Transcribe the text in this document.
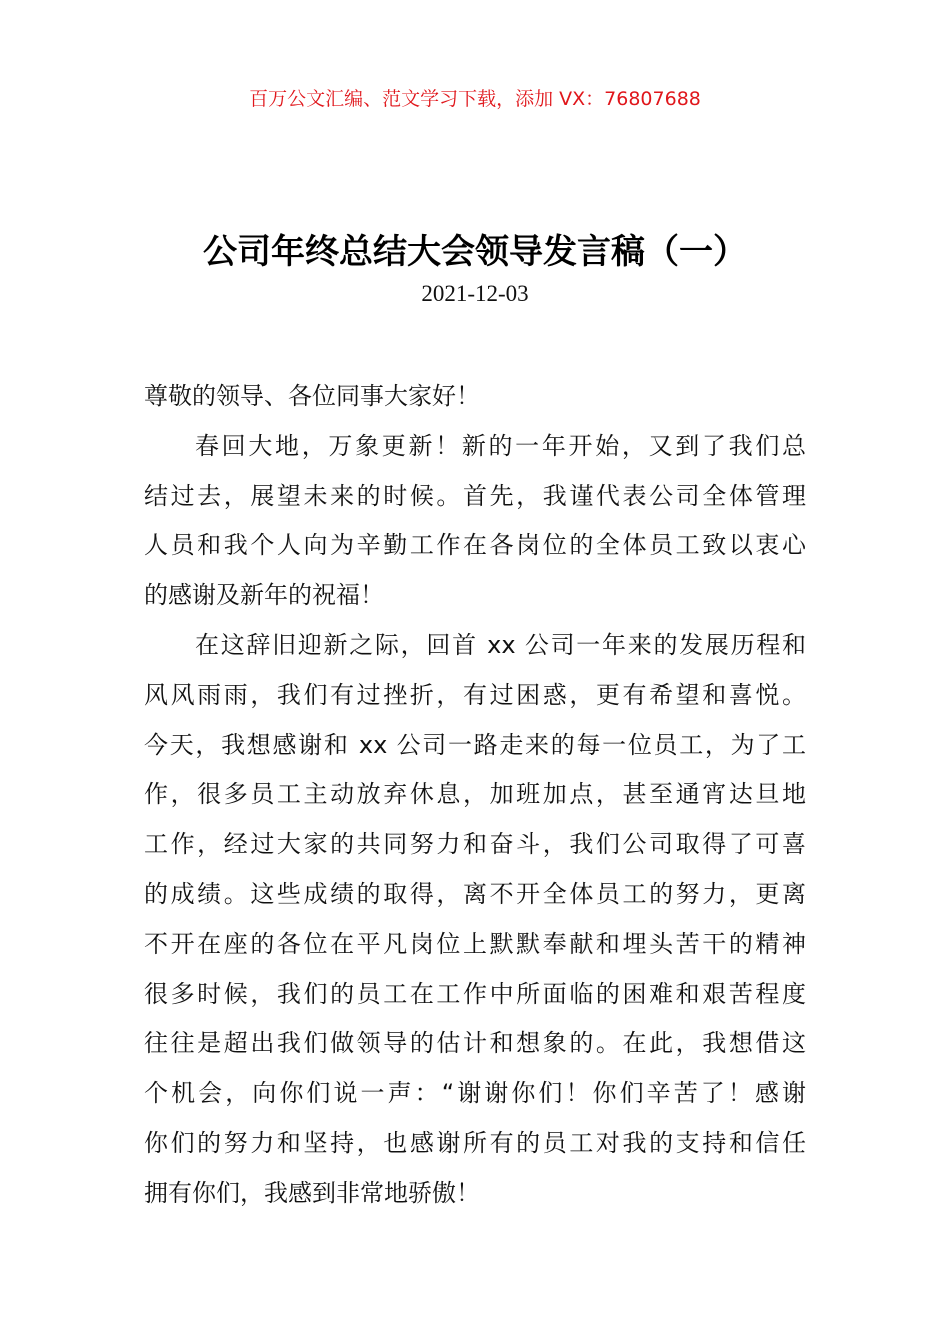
百万公文汇编、范文学习下载，添加 VX：76807688
公司年终总结大会领导发言稿（一）
2021-12-03
尊敬的领导、各位同事大家好！
春回大地，万象更新！新的一年开始，又到了我们总
结过去，展望未来的时候。首先，我谨代表公司全体管理
人员和我个人向为辛勤工作在各岗位的全体员工致以衷心
的感谢及新年的祝福！
在这辞旧迎新之际，回首 xx 公司一年来的发展历程和
风风雨雨，我们有过挫折，有过困惑，更有希望和喜悦。
今天，我想感谢和 xx 公司一路走来的每一位员工，为了工
作，很多员工主动放弃休息，加班加点，甚至通宵达旦地
工作，经过大家的共同努力和奋斗，我们公司取得了可喜
的成绩。这些成绩的取得，离不开全体员工的努力，更离
不开在座的各位在平凡岗位上默默奉献和埋头苦干的精神
很多时候，我们的员工在工作中所面临的困难和艰苦程度
往往是超出我们做领导的估计和想象的。在此，我想借这
个机会，向你们说一声：“谢谢你们！你们辛苦了！感谢
你们的努力和坚持，也感谢所有的员工对我的支持和信任
拥有你们，我感到非常地骄傲！
